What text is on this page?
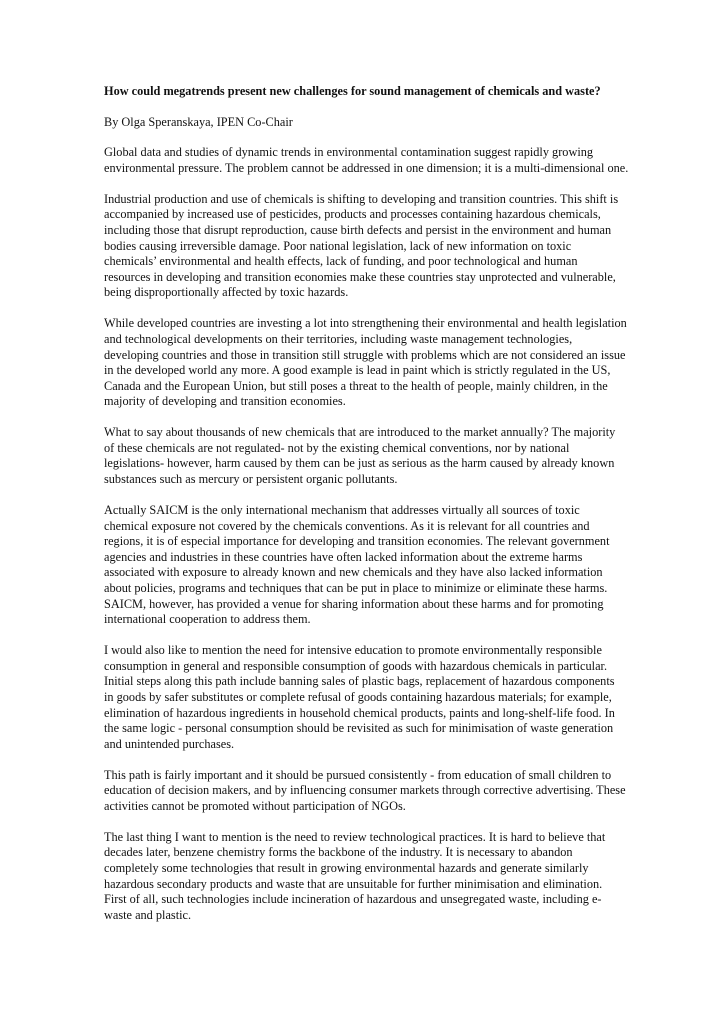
How could megatrends present new challenges for sound management of chemicals and waste?
By Olga Speranskaya, IPEN Co-Chair
Global data and studies of dynamic trends in environmental contamination suggest rapidly growing
environmental pressure. The problem cannot be addressed in one dimension; it is a multi-dimensional one.
Industrial production and use of chemicals is shifting to developing and transition countries. This shift is
accompanied by increased use of pesticides, products and processes containing hazardous chemicals,
including those that disrupt reproduction, cause birth defects and persist in the environment and human
bodies causing irreversible damage. Poor national legislation, lack of new information on toxic
chemicals’ environmental and health effects, lack of funding, and poor technological and human
resources in developing and transition economies make these countries stay unprotected and vulnerable,
being disproportionally affected by toxic hazards.
While developed countries are investing a lot into strengthening their environmental and health legislation
and technological developments on their territories, including waste management technologies,
developing countries and those in transition still struggle with problems which are not considered an issue
in the developed world any more. A good example is lead in paint which is strictly regulated in the US,
Canada and the European Union, but still poses a threat to the health of people, mainly children, in the
majority of developing and transition economies.
What to say about thousands of new chemicals that are introduced to the market annually? The majority
of these chemicals are not regulated- not by the existing chemical conventions, nor by national
legislations- however, harm caused by them can be just as serious as the harm caused by already known
substances such as mercury or persistent organic pollutants.
Actually SAICM is the only international mechanism that addresses virtually all sources of toxic
chemical exposure not covered by the chemicals conventions. As it is relevant for all countries and
regions, it is of especial importance for developing and transition economies. The relevant government
agencies and industries in these countries have often lacked information about the extreme harms
associated with exposure to already known and new chemicals and they have also lacked information
about policies, programs and techniques that can be put in place to minimize or eliminate these harms.
SAICM, however, has provided a venue for sharing information about these harms and for promoting
international cooperation to address them.
I would also like to mention the need for intensive education to promote environmentally responsible
consumption in general and responsible consumption of goods with hazardous chemicals in particular.
Initial steps along this path include banning sales of plastic bags, replacement of hazardous components
in goods by safer substitutes or complete refusal of goods containing hazardous materials; for example,
elimination of hazardous ingredients in household chemical products, paints and long-shelf-life food. In
the same logic - personal consumption should be revisited as such for minimisation of waste generation
and unintended purchases.
This path is fairly important and it should be pursued consistently - from education of small children to
education of decision makers, and by influencing consumer markets through corrective advertising. These
activities cannot be promoted without participation of NGOs.
The last thing I want to mention is the need to review technological practices. It is hard to believe that
decades later, benzene chemistry forms the backbone of the industry. It is necessary to abandon
completely some technologies that result in growing environmental hazards and generate similarly
hazardous secondary products and waste that are unsuitable for further minimisation and elimination.
First of all, such technologies include incineration of hazardous and unsegregated waste, including e-
waste and plastic.
